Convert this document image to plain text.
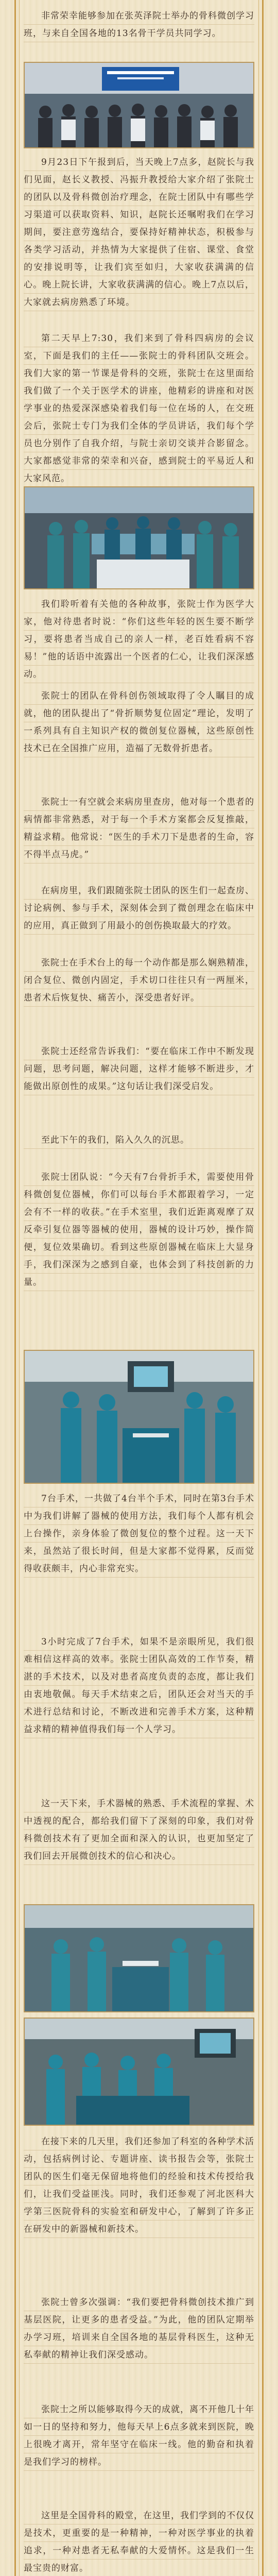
非常荣幸能够参加在张英泽院士举办的骨科微创学习班，与来自全国各地的13名骨干学员共同学习。

9月23日下午报到后，当天晚上7点多，赵院长与我们见面，赵长义教授、冯振升教授给大家介绍了张院士的团队以及骨科微创治疗理念，在院士团队中有哪些学习渠道可以获取资料、知识，赵院长还嘱咐我们在学习期间，要注意劳逸结合，要保持好精神状态，积极参与各类学习活动，并热情为大家提供了住宿、课堂、食堂的安排说明等，让我们宾至如归，大家收获满满的信心。晚上院长讲，大家收获满满的信心。晚上7点以后，大家就去病房熟悉了环境。

第二天早上7:30，我们来到了骨科四病房的会议室，下面是我们的主任——张院士的骨科团队交班会。我们大家的第一节课是骨科的交班，张院士在这里面给我们做了一个关于医学术的讲座，他精彩的讲座和对医学事业的热爱深深感染着我们每一位在场的人，在交班会后，张院士专门为我们全体的学员讲话，我们每个学员也分别作了自我介绍，与院士亲切交谈并合影留念。大家都感觉非常的荣幸和兴奋，感到院士的平易近人和大家风范。

我们聆听着有关他的各种故事，张院士作为医学大家，他对待患者时说：“你们这些年轻的医生要不断学习，要将患者当成自己的亲人一样，老百姓看病不容易！”他的话语中流露出一个医者的仁心，让我们深深感动。

张院士的团队在骨科创伤领域取得了令人瞩目的成就，他的团队提出了“骨折顺势复位固定”理论，发明了一系列具有自主知识产权的微创复位器械，这些原创性技术已在全国推广应用，造福了无数骨折患者。

张院士一有空就会来病房里查房，他对每一个患者的病情都非常熟悉，对于每一个手术方案都会反复推敲，精益求精。他常说：“医生的手术刀下是患者的生命，容不得半点马虎。”

在病房里，我们跟随张院士团队的医生们一起查房、讨论病例、参与手术，深刻体会到了微创理念在临床中的应用，真正做到了用最小的创伤换取最大的疗效。

张院士在手术台上的每一个动作都是那么娴熟精准，闭合复位、微创内固定，手术切口往往只有一两厘米，患者术后恢复快、痛苦小，深受患者好评。

张院士还经常告诉我们：“要在临床工作中不断发现问题，思考问题，解决问题，这样才能够不断进步，才能做出原创性的成果。”这句话让我们深受启发。

至此下午的我们，陷入久久的沉思。

张院士团队说：“今天有7台骨折手术，需要使用骨科微创复位器械，你们可以每台手术都跟着学习，一定会有不一样的收获。”在手术室里，我们近距离观摩了双反牵引复位器等器械的使用，器械的设计巧妙，操作简便，复位效果确切。看到这些原创器械在临床上大显身手，我们深深为之感到自豪，也体会到了科技创新的力量。

7台手术，一共做了4台半个手术，同时在第3台手术中为我们讲解了器械的使用方法，我们每个人都有机会上台操作，亲身体验了微创复位的整个过程。这一天下来，虽然站了很长时间，但是大家都不觉得累，反而觉得收获颇丰，内心非常充实。

3小时完成了7台手术，如果不是亲眼所见，我们很难相信这样高的效率。张院士团队高效的工作节奏，精湛的手术技术，以及对患者高度负责的态度，都让我们由衷地敬佩。每天手术结束之后，团队还会对当天的手术进行总结和讨论，不断改进和完善手术方案，这种精益求精的精神值得我们每一个人学习。

这一天下来，手术器械的熟悉、手术流程的掌握、术中透视的配合，都给我们留下了深刻的印象，我们对骨科微创技术有了更加全面和深入的认识，也更加坚定了我们回去开展微创技术的信心和决心。

在接下来的几天里，我们还参加了科室的各种学术活动，包括病例讨论、专题讲座、读书报告会等，张院士团队的医生们毫无保留地将他们的经验和技术传授给我们，让我们受益匪浅。同时，我们还参观了河北医科大学第三医院骨科的实验室和研发中心，了解到了许多正在研发中的新器械和新技术。

张院士曾多次强调：“我们要把骨科微创技术推广到基层医院，让更多的患者受益。”为此，他的团队定期举办学习班，培训来自全国各地的基层骨科医生，这种无私奉献的精神让我们深受感动。

张院士之所以能够取得今天的成就，离不开他几十年如一日的坚持和努力，他每天早上6点多就来到医院，晚上很晚才离开，常年坚守在临床一线。他的勤奋和执着是我们学习的榜样。

这里是全国骨科的殿堂，在这里，我们学到的不仅仅是技术，更重要的是一种精神，一种对医学事业的执着追求，一种对患者无私奉献的大爱情怀。这是我们一生最宝贵的财富。
